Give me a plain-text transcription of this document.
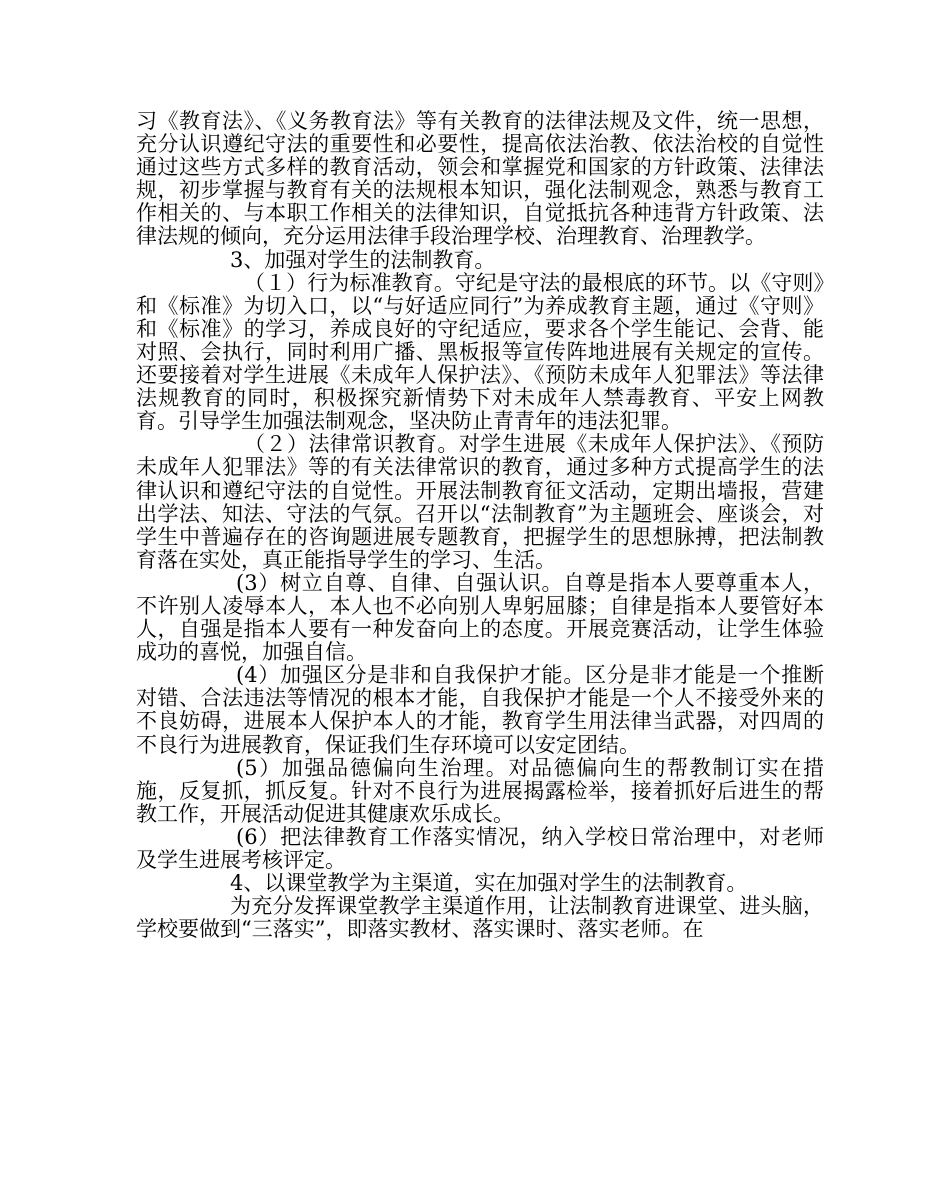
习《教育法》、《义务教育法》等有关教育的法律法规及文件，统一思想，充分认识遵纪守法的重要性和必要性，提高依法治教、依法治校的自觉性通过这些方式多样的教育活动，领会和掌握党和国家的方针政策、法律法规，初步掌握与教育有关的法规根本知识，强化法制观念，熟悉与教育工作相关的、与本职工作相关的法律知识，自觉抵抗各种违背方针政策、法律法规的倾向，充分运用法律手段治理学校、治理教育、治理教学。

3、加强对学生的法制教育。

（１）行为标准教育。守纪是守法的最根底的环节。以《守则》和《标准》为切入口，以“与好适应同行”为养成教育主题，通过《守则》和《标准》的学习，养成良好的守纪适应，要求各个学生能记、会背、能对照、会执行，同时利用广播、黑板报等宣传阵地进展有关规定的宣传。还要接着对学生进展《未成年人保护法》、《预防未成年人犯罪法》等法律法规教育的同时，积极探究新情势下对未成年人禁毒教育、平安上网教育。引导学生加强法制观念，坚决防止青青年的违法犯罪。

（２）法律常识教育。对学生进展《未成年人保护法》、《预防未成年人犯罪法》等的有关法律常识的教育，通过多种方式提高学生的法律认识和遵纪守法的自觉性。开展法制教育征文活动，定期出墙报，营建出学法、知法、守法的气氛。召开以“法制教育”为主题班会、座谈会，对学生中普遍存在的咨询题进展专题教育，把握学生的思想脉搏，把法制教育落在实处，真正能指导学生的学习、生活。

(3）树立自尊、自律、自强认识。自尊是指本人要尊重本人，不许别人凌辱本人，本人也不必向别人卑躬屈膝；自律是指本人要管好本人，自强是指本人要有一种发奋向上的态度。开展竞赛活动，让学生体验成功的喜悦，加强自信。

(4）加强区分是非和自我保护才能。区分是非才能是一个推断对错、合法违法等情况的根本才能，自我保护才能是一个人不接受外来的不良妨碍，进展本人保护本人的才能，教育学生用法律当武器，对四周的不良行为进展教育，保证我们生存环境可以安定团结。

(5）加强品德偏向生治理。对品德偏向生的帮教制订实在措施，反复抓，抓反复。针对不良行为进展揭露检举，接着抓好后进生的帮教工作，开展活动促进其健康欢乐成长。

(6）把法律教育工作落实情况，纳入学校日常治理中，对老师及学生进展考核评定。

4、以课堂教学为主渠道，实在加强对学生的法制教育。

为充分发挥课堂教学主渠道作用，让法制教育进课堂、进头脑，学校要做到“三落实”，即落实教材、落实课时、落实老师。在
